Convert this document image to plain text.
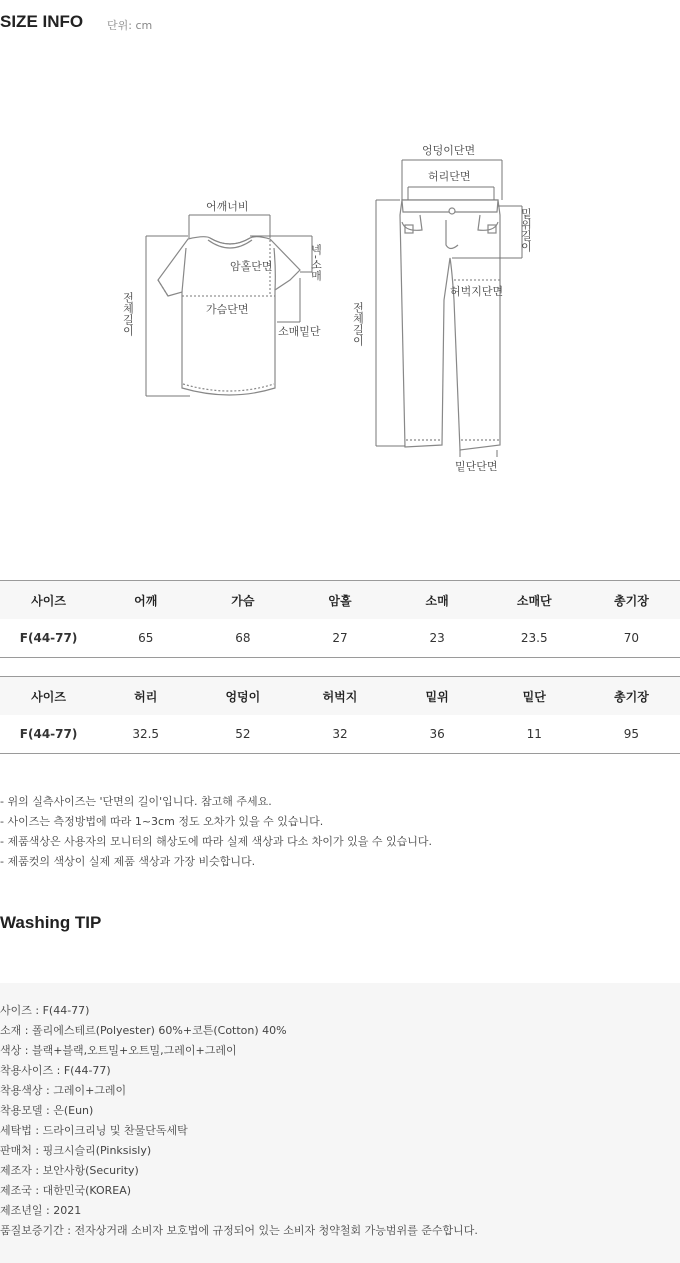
SIZE INFO 단위: cm
어깨너비
암홀단면
가슴단면
소매밑단
넥-소매
전체길이
엉덩이단면
허리단면
허벅지단면
밑단단면
밑위길이
전체길이
사이즈	어깨	가슴	암홀	소매	소매단	총기장
F(44-77)	65	68	27	23	23.5	70
사이즈	허리	엉덩이	허벅지	밑위	밑단	총기장
F(44-77)	32.5	52	32	36	11	95
- 위의 실측사이즈는 '단면의 길이'입니다. 참고해 주세요.
- 사이즈는 측정방법에 따라 1~3cm 정도 오차가 있을 수 있습니다.
- 제품색상은 사용자의 모니터의 해상도에 따라 실제 색상과 다소 차이가 있을 수 있습니다.
- 제품컷의 색상이 실제 제품 색상과 가장 비슷합니다.
Washing TIP
사이즈 : F(44-77)
소재 : 폴리에스테르(Polyester) 60%+코튼(Cotton) 40%
색상 : 블랙+블랙,오트밀+오트밀,그레이+그레이
착용사이즈 : F(44-77)
착용색상 : 그레이+그레이
착용모델 : 은(Eun)
세탁법 : 드라이크리닝 및 찬물단독세탁
판매처 : 핑크시슬리(Pinksisly)
제조자 : 보안사항(Security)
제조국 : 대한민국(KOREA)
제조년일 : 2021
품질보증기간 : 전자상거래 소비자 보호법에 규정되어 있는 소비자 청약철회 가능범위를 준수합니다.
